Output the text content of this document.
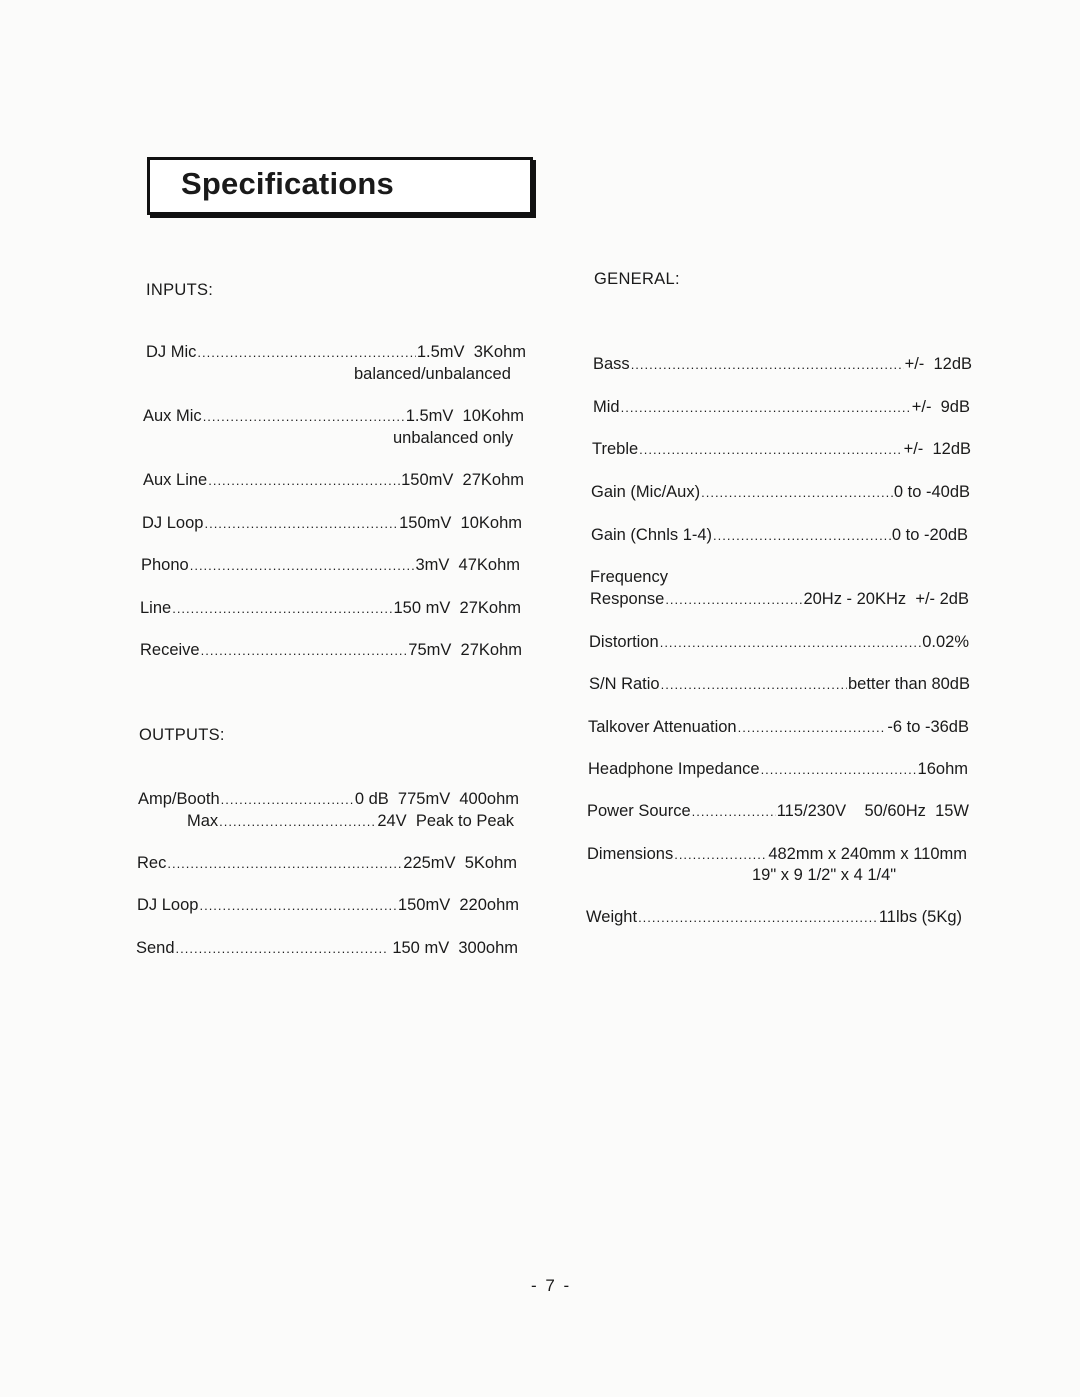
Specifications
INPUTS:
DJ Mic .....	1.5mV  3Kohm
balanced/unbalanced
Aux Mic .....	1.5mV  10Kohm
unbalanced only
Aux Line .....	150mV  27Kohm
DJ Loop .....	150mV  10Kohm
Phono .....	3mV  47Kohm
Line .....	150 mV  27Kohm
Receive .....	75mV  27Kohm
OUTPUTS:
Amp/Booth .....	0 dB  775mV  400ohm
Max .....	24V  Peak to Peak
Rec .....	225mV  5Kohm
DJ Loop .....	150mV  220ohm
Send .....	150 mV  300ohm
GENERAL:
Bass .....	+/-  12dB
Mid .....	+/-  9dB
Treble .....	+/-  12dB
Gain (Mic/Aux) .....	0 to -40dB
Gain (Chnls 1-4) .....	0 to -20dB
Frequency
Response .....	20Hz - 20KHz  +/- 2dB
Distortion .....	0.02%
S/N Ratio .....	better than 80dB
Talkover Attenuation .....	-6 to -36dB
Headphone Impedance .....	16ohm
Power Source .....	115/230V    50/60Hz  15W
Dimensions .....	482mm x 240mm x 110mm
19" x 9 1/2" x 4 1/4"
Weight .....	11lbs (5Kg)
- 7 -
